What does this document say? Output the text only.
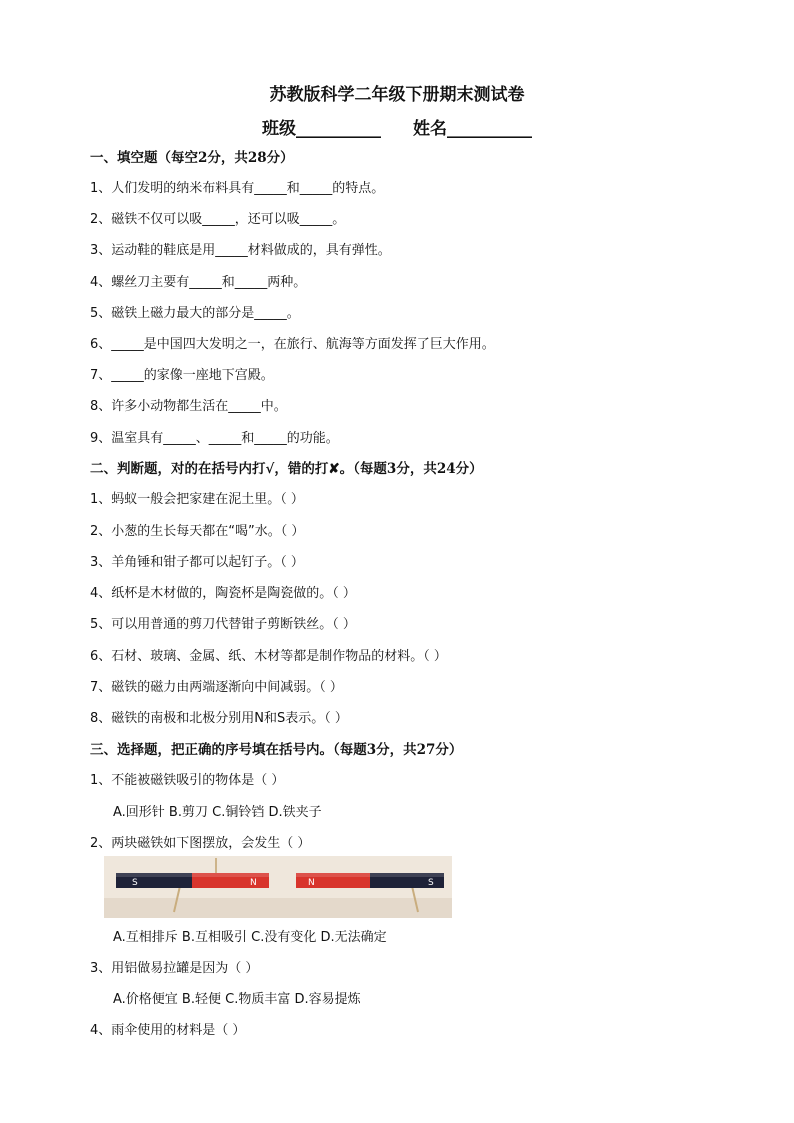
苏教版科学二年级下册期末测试卷
班级__________ 姓名__________
一、填空题（每空2分，共28分）
1、人们发明的纳米布料具有_____和_____的特点。
2、磁铁不仅可以吸_____，还可以吸_____。
3、运动鞋的鞋底是用_____材料做成的，具有弹性。
4、螺丝刀主要有_____和_____两种。
5、磁铁上磁力最大的部分是_____。
6、_____是中国四大发明之一，在旅行、航海等方面发挥了巨大作用。
7、_____的家像一座地下宫殿。
8、许多小动物都生活在_____中。
9、温室具有_____、_____和_____的功能。
二、判断题，对的在括号内打√，错的打✘。（每题3分，共24分）
1、蚂蚁一般会把家建在泥土里。（ ）
2、小葱的生长每天都在“喝”水。（ ）
3、羊角锤和钳子都可以起钉子。（ ）
4、纸杯是木材做的，陶瓷杯是陶瓷做的。（ ）
5、可以用普通的剪刀代替钳子剪断铁丝。（ ）
6、石材、玻璃、金属、纸、木材等都是制作物品的材料。（ ）
7、磁铁的磁力由两端逐渐向中间减弱。（ ）
8、磁铁的南极和北极分别用N和S表示。（ ）
三、选择题，把正确的序号填在括号内。（每题3分，共27分）
1、不能被磁铁吸引的物体是（ ）
A.回形针 B.剪刀 C.铜铃铛 D.铁夹子
2、两块磁铁如下图摆放，会发生（ ）
S	N	N	S
A.互相排斥 B.互相吸引 C.没有变化 D.无法确定
3、用铝做易拉罐是因为（ ）
A.价格便宜 B.轻便 C.物质丰富 D.容易提炼
4、雨伞使用的材料是（ ）
